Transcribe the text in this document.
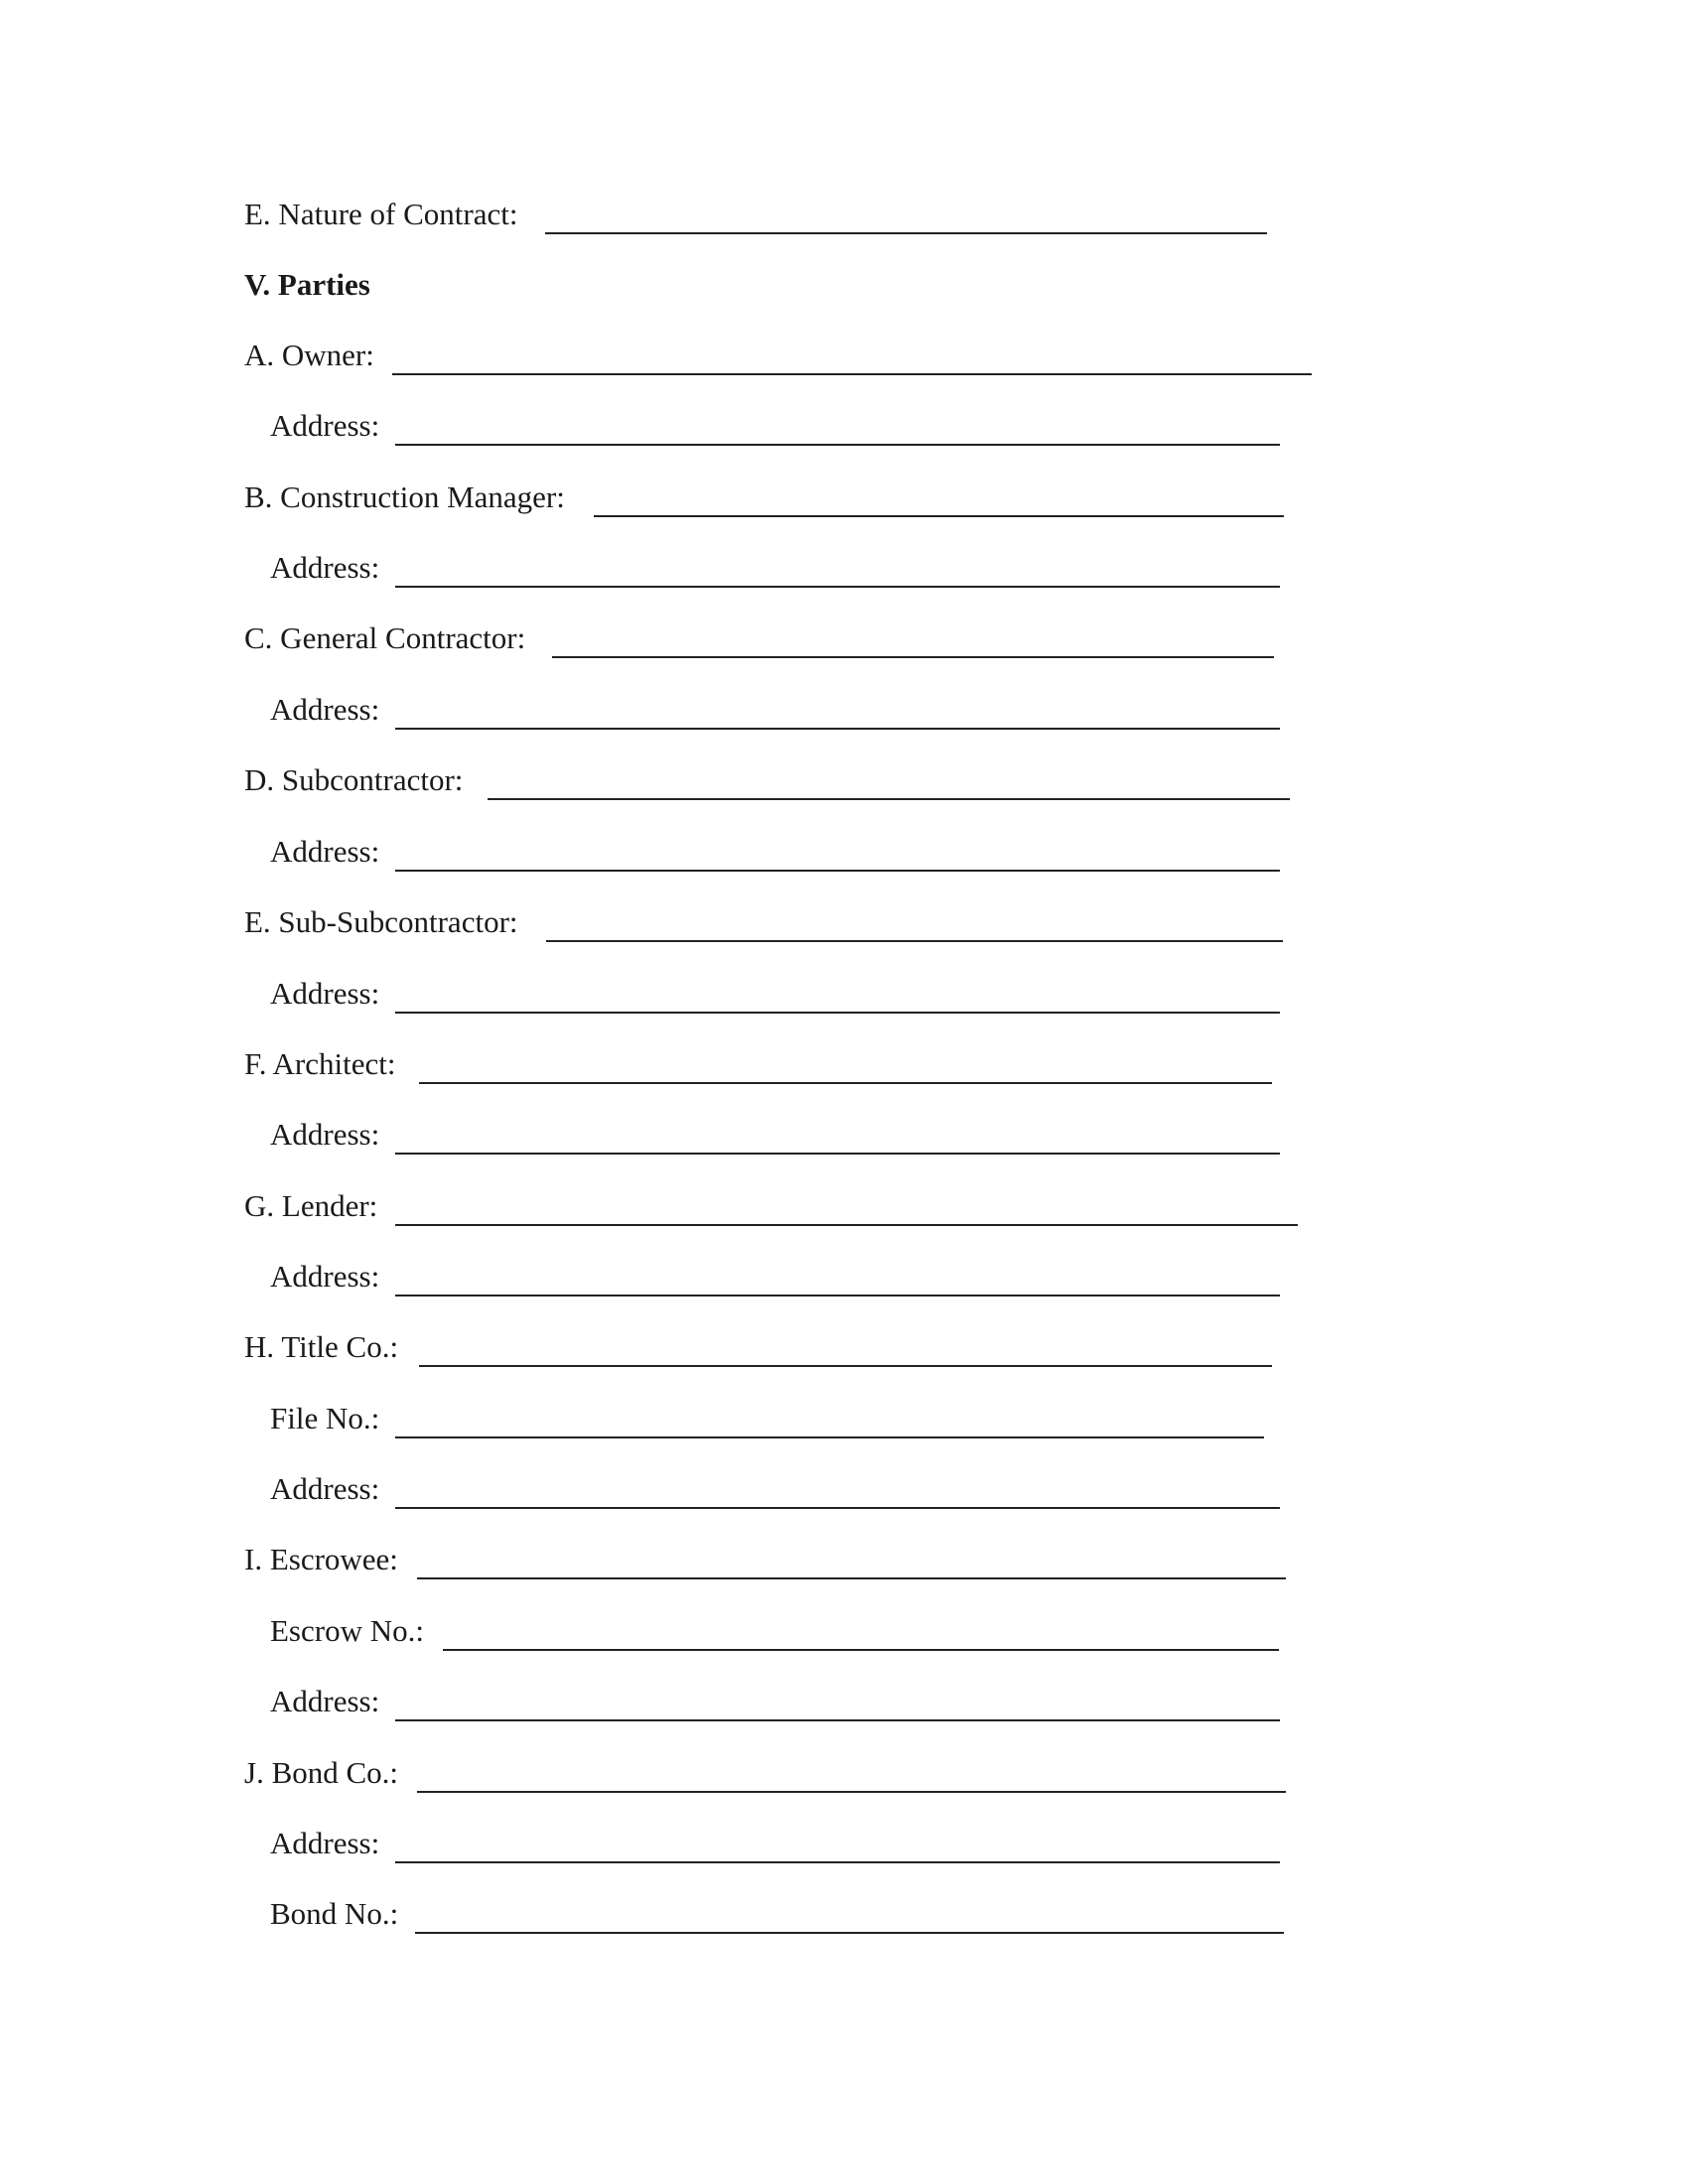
E. Nature of Contract:
V. Parties
A. Owner:
Address:
B. Construction Manager:
Address:
C. General Contractor:
Address:
D. Subcontractor:
Address:
E. Sub-Subcontractor:
Address:
F. Architect:
Address:
G. Lender:
Address:
H. Title Co.:
File No.:
Address:
I. Escrowee:
Escrow No.:
Address:
J. Bond Co.:
Address:
Bond No.:
